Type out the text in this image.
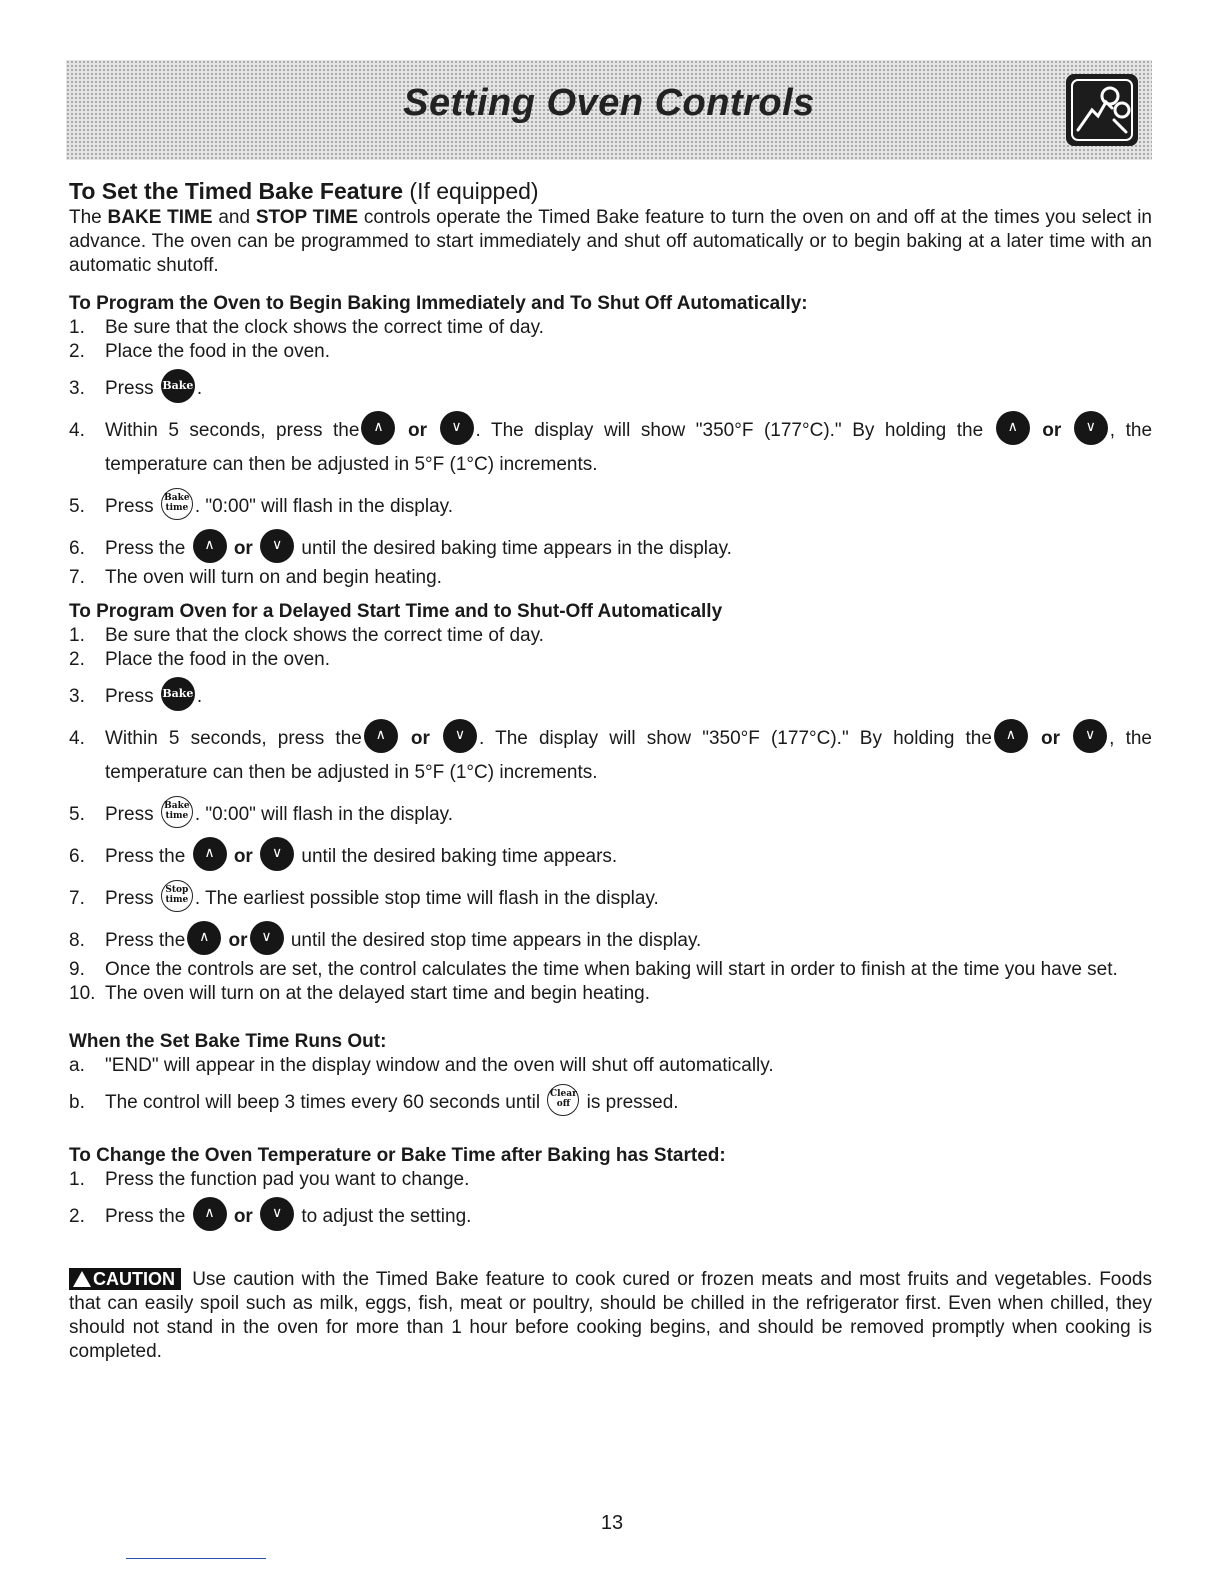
Setting Oven Controls
To Set the Timed Bake Feature (If equipped)

The BAKE TIME and STOP TIME controls operate the Timed Bake feature to turn the oven on and off at the times you select in advance. The oven can be programmed to start immediately and shut off automatically or to begin baking at a later time with an automatic shutoff.

To Program the Oven to Begin Baking Immediately and To Shut Off Automatically:
1. Be sure that the clock shows the correct time of day.
2. Place the food in the oven.
3. Press Bake .
4. Within 5 seconds, press the ∧	or	∨ . The display will show "350°F (177°C)." By holding the ∧	or	∨ , the temperature can then be adjusted in 5°F (1°C) increments.
5. Press Bake
time . "0:00" will flash in the display.
6. Press the ∧	or	∨ until the desired baking time appears in the display.
7. The oven will turn on and begin heating.
To Program Oven for a Delayed Start Time and to Shut-Off Automatically
1. Be sure that the clock shows the correct time of day.
2. Place the food in the oven.
3. Press Bake .
4. Within 5 seconds, press the ∧	or	∨ . The display will show "350°F (177°C)." By holding the ∧	or	∨ , the temperature can then be adjusted in 5°F (1°C) increments.
5. Press Bake
time . "0:00" will flash in the display.
6. Press the ∧	or	∨ until the desired baking time appears.
7. Press Stop
time . The earliest possible stop time will flash in the display.
8. Press the ∧	or ∨ until the desired stop time appears in the display.
9. Once the controls are set, the control calculates the time when baking will start in order to finish at the time you have set.
10. The oven will turn on at the delayed start time and begin heating.
When the Set Bake Time Runs Out:
a. "END" will appear in the display window and the oven will shut off automatically.
b. The control will beep 3 times every 60 seconds until Clear
off is pressed.
To Change the Oven Temperature or Bake Time after Baking has Started:
1. Press the function pad you want to change.
2. Press the ∧	or	∨ to adjust the setting.

CAUTION Use caution with the Timed Bake feature to cook cured or frozen meats and most fruits and vegetables. Foods that can easily spoil such as milk, eggs, fish, meat or poultry, should be chilled in the refrigerator first. Even when chilled, they should not stand in the oven for more than 1 hour before cooking begins, and should be removed promptly when cooking is completed.

13
